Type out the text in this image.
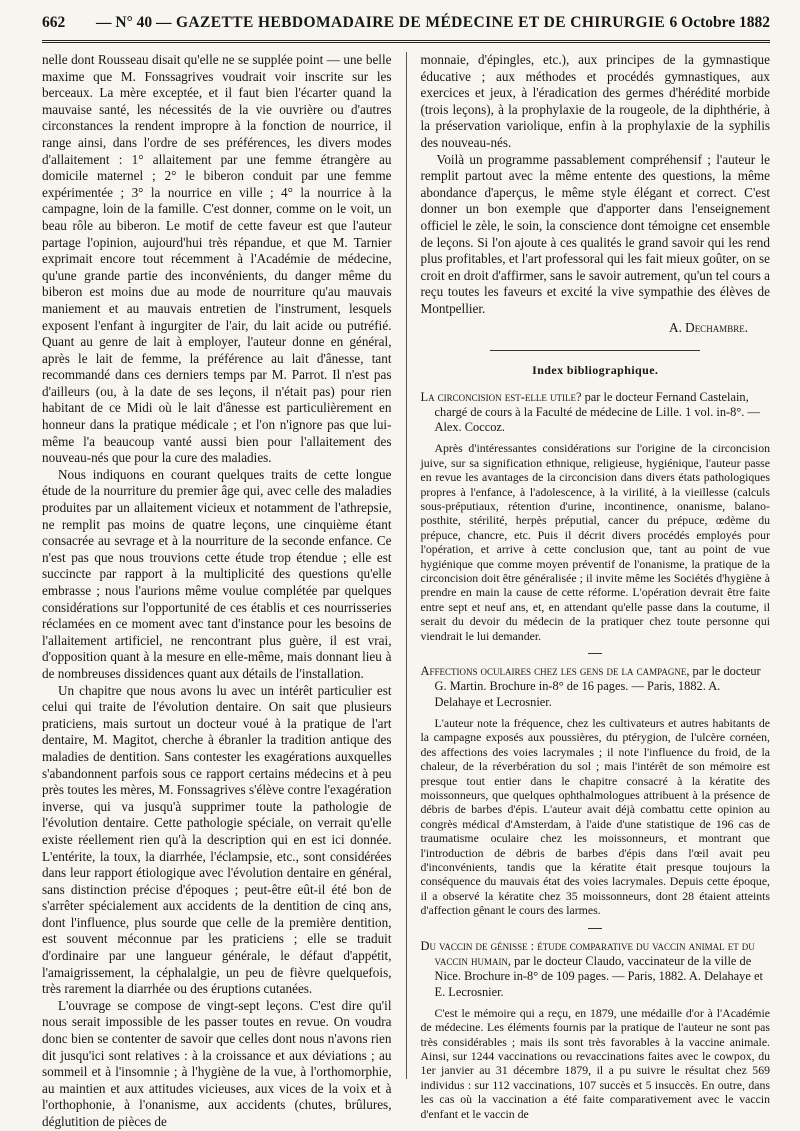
662	— N° 40 — GAZETTE HEBDOMADAIRE DE MÉDECINE ET DE CHIRURGIE 6 Octobre 1882

nelle dont Rousseau disait qu'elle ne se supplée point — une belle maxime que M. Fonssagrives voudrait voir inscrite sur les berceaux. La mère exceptée, et il faut bien l'écarter quand la mauvaise santé, les nécessités de la vie ouvrière ou d'autres circonstances la rendent impropre à la fonction de nourrice, il range ainsi, dans l'ordre de ses préférences, les divers modes d'allaitement : 1° allaitement par une femme étrangère au domicile maternel ; 2° le biberon conduit par une femme expérimentée ; 3° la nourrice en ville ; 4° la nourrice à la campagne, loin de la famille. C'est donner, comme on le voit, un beau rôle au biberon. Le motif de cette faveur est que l'auteur partage l'opinion, aujourd'hui très répandue, et que M. Tarnier exprimait encore tout récemment à l'Académie de médecine, qu'une grande partie des inconvénients, du danger même du biberon est moins due au mode de nourriture qu'au mauvais maniement et au mauvais entretien de l'instrument, lesquels exposent l'enfant à ingurgiter de l'air, du lait acide ou putréfié. Quant au genre de lait à employer, l'auteur donne en général, après le lait de femme, la préférence au lait d'ânesse, tant recommandé dans ces derniers temps par M. Parrot. Il n'est pas d'ailleurs (ou, à la date de ses leçons, il n'était pas) pour rien habitant de ce Midi où le lait d'ânesse est particulièrement en honneur dans la pratique médicale ; et l'on n'ignore pas que lui-même l'a beaucoup vanté aussi bien pour l'allaitement des nouveau-nés que pour la cure des maladies.

Nous indiquons en courant quelques traits de cette longue étude de la nourriture du premier âge qui, avec celle des maladies produites par un allaitement vicieux et notamment de l'athrepsie, ne remplit pas moins de quatre leçons, une cinquième étant consacrée au sevrage et à la nourriture de la seconde enfance. Ce n'est pas que nous trouvions cette étude trop étendue ; elle est succincte par rapport à la multiplicité des questions qu'elle embrasse ; nous l'aurions même voulue complétée par quelques considérations sur l'opportunité de ces établis et ces nourrisseries réclamées en ce moment avec tant d'instance pour les besoins de l'allaitement artificiel, ne rencontrant plus guère, il est vrai, d'opposition quant à la mesure en elle-même, mais donnant lieu à de nombreuses dissidences quant aux détails de l'installation.

Un chapitre que nous avons lu avec un intérêt particulier est celui qui traite de l'évolution dentaire. On sait que plusieurs praticiens, mais surtout un docteur voué à la pratique de l'art dentaire, M. Magitot, cherche à ébranler la tradition antique des maladies de dentition. Sans contester les exagérations auxquelles s'abandonnent parfois sous ce rapport certains médecins et à peu près toutes les mères, M. Fonssagrives s'élève contre l'exagération inverse, qui va jusqu'à supprimer toute la pathologie de l'évolution dentaire. Cette pathologie spéciale, on verrait qu'elle existe réellement rien qu'à la description qui en est ici donnée. L'entérite, la toux, la diarrhée, l'éclampsie, etc., sont considérées dans leur rapport étiologique avec l'évolution dentaire en général, sans distinction précise d'époques ; peut-être eût-il été bon de s'arrêter spécialement aux accidents de la dentition de cinq ans, dont l'influence, plus sourde que celle de la première dentition, est souvent méconnue par les praticiens ; elle se traduit d'ordinaire par une langueur générale, le défaut d'appétit, l'amaigrissement, la céphalalgie, un peu de fièvre quelquefois, très rarement la diarrhée ou des éruptions cutanées.

L'ouvrage se compose de vingt-sept leçons. C'est dire qu'il nous serait impossible de les passer toutes en revue. On voudra donc bien se contenter de savoir que celles dont nous n'avons rien dit jusqu'ici sont relatives : à la croissance et aux déviations ; au sommeil et à l'insomnie ; à l'hygiène de la vue, à l'orthomorphie, au maintien et aux attitudes vicieuses, aux vices de la voix et à l'orthophonie, à l'onanisme, aux accidents (chutes, brûlures, déglutition de pièces de

monnaie, d'épingles, etc.), aux principes de la gymnastique éducative ; aux méthodes et procédés gymnastiques, aux exercices et jeux, à l'éradication des germes d'hérédité morbide (trois leçons), à la prophylaxie de la rougeole, de la diphthérie, à la préservation variolique, enfin à la prophylaxie de la syphilis des nouveau-nés.

Voilà un programme passablement compréhensif ; l'auteur le remplit partout avec la même entente des questions, la même abondance d'aperçus, le même style élégant et correct. C'est donner un bon exemple que d'apporter dans l'enseignement officiel le zèle, le soin, la conscience dont témoigne cet ensemble de leçons. Si l'on ajoute à ces qualités le grand savoir qui les rend plus profitables, et l'art professoral qui les fait mieux goûter, on se croit en droit d'affirmer, sans le savoir autrement, qu'un tel cours a reçu toutes les faveurs et excité la vive sympathie des élèves de Montpellier.

A. Dechambre.
Index bibliographique.

La circoncision est-elle utile? par le docteur Fernand Castelain, chargé de cours à la Faculté de médecine de Lille. 1 vol. in-8°. — Alex. Coccoz.

Après d'intéressantes considérations sur l'origine de la circoncision juive, sur sa signification ethnique, religieuse, hygiénique, l'auteur passe en revue les avantages de la circoncision dans divers états pathologiques propres à l'enfance, à l'adolescence, à la virilité, à la vieillesse (calculs sous-préputiaux, rétention d'urine, incontinence, onanisme, balano-posthite, stérilité, herpès préputial, cancer du prépuce, œdème du prépuce, chancre, etc. Puis il décrit divers procédés employés pour l'opération, et arrive à cette conclusion que, tant au point de vue hygiénique que comme moyen préventif de l'onanisme, la pratique de la circoncision doit être généralisée ; il invite même les Sociétés d'hygiène à prendre en main la cause de cette réforme. L'opération devrait être faite entre sept et neuf ans, et, en attendant qu'elle passe dans la coutume, il serait du devoir du médecin de la pratiquer chez toute personne qui viendrait le lui demander.

Affections oculaires chez les gens de la campagne, par le docteur G. Martin. Brochure in-8° de 16 pages. — Paris, 1882. A. Delahaye et Lecrosnier.

L'auteur note la fréquence, chez les cultivateurs et autres habitants de la campagne exposés aux poussières, du ptérygion, de l'ulcère cornéen, des affections des voies lacrymales ; il note l'influence du froid, de la chaleur, de la réverbération du sol ; mais l'intérêt de son mémoire est presque tout entier dans le chapitre consacré à la kératite des moissonneurs, que quelques ophthalmologues attribuent à la présence de débris de barbes d'épis. L'auteur avait déjà combattu cette opinion au congrès médical d'Amsterdam, à l'aide d'une statistique de 196 cas de traumatisme oculaire chez les moissonneurs, et montrant que l'introduction de débris de barbes d'épis dans l'œil avait peu d'inconvénients, tandis que la kératite était presque toujours la conséquence du mauvais état des voies lacrymales. Depuis cette époque, il a observé la kératite chez 35 moissonneurs, dont 28 étaient atteints d'affection gênant le cours des larmes.

Du vaccin de génisse : étude comparative du vaccin animal et du vaccin humain, par le docteur Claudo, vaccinateur de la ville de Nice. Brochure in-8° de 109 pages. — Paris, 1882. A. Delahaye et E. Lecrosnier.

C'est le mémoire qui a reçu, en 1879, une médaille d'or à l'Académie de médecine. Les éléments fournis par la pratique de l'auteur ne sont pas très considérables ; mais ils sont très favorables à la vaccine animale. Ainsi, sur 1244 vaccinations ou revaccinations faites avec le cowpox, du 1er janvier au 31 décembre 1879, il a pu suivre le résultat chez 569 individus : sur 112 vaccinations, 107 succès et 5 insuccès. En outre, dans les cas où la vaccination a été faite comparativement avec le vaccin d'enfant et le vaccin de
